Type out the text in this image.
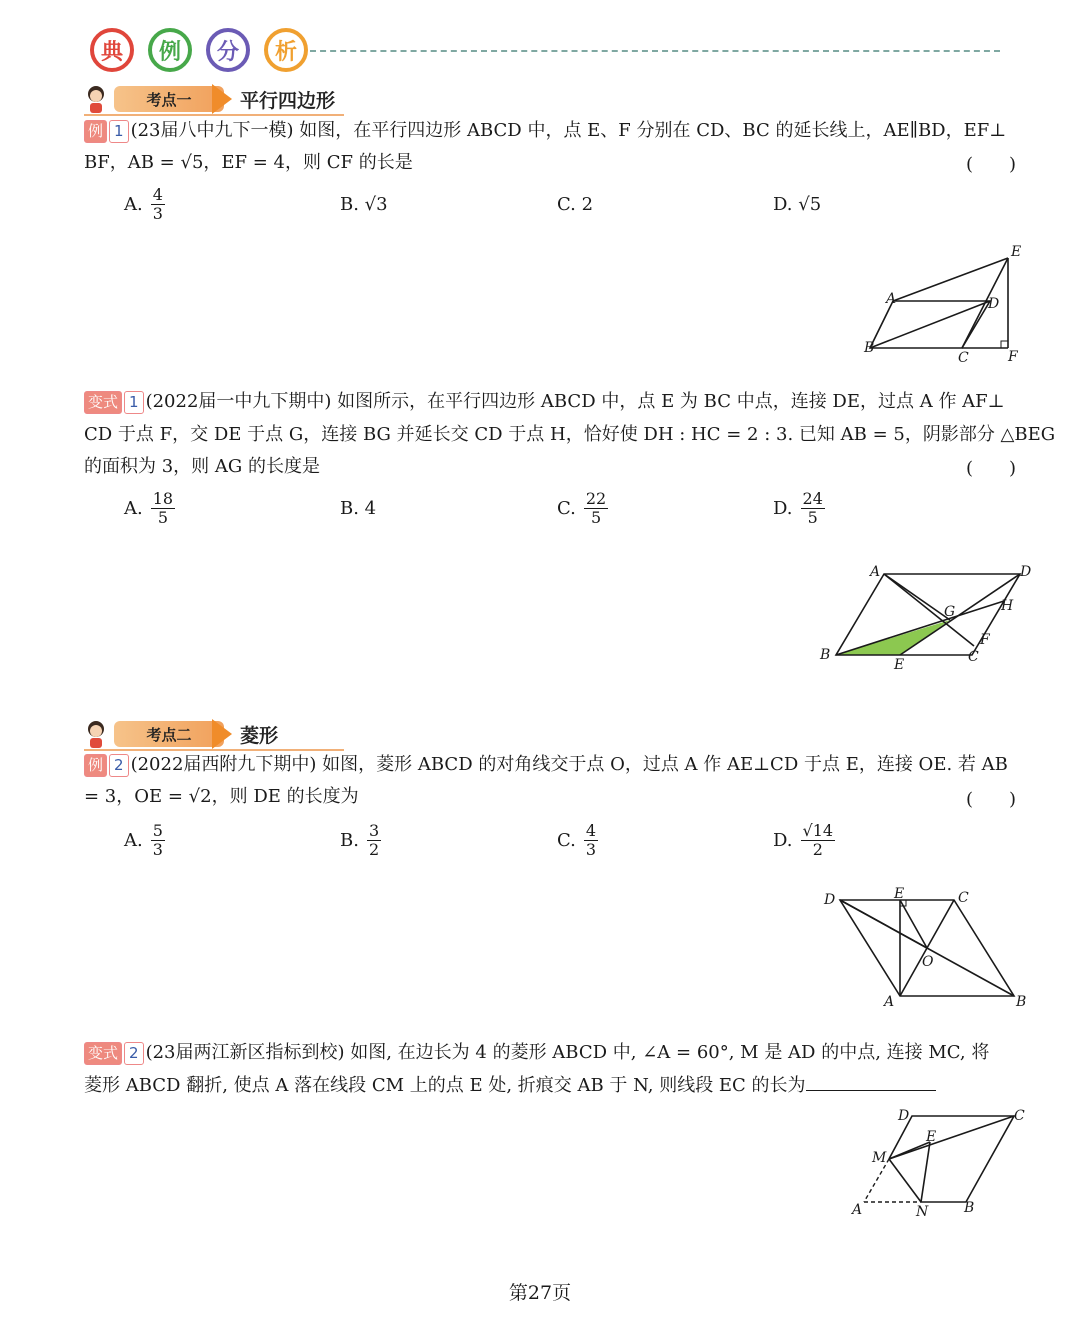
典	例	分	析
考点一	平行四边形
例 1 (23届八中九下一模) 如图，在平行四边形 ABCD 中，点 E、F 分别在 CD、BC 的延长线上，AE∥BD，EF⊥
BF，AB = √5，EF = 4，则 CF 的长是	(　　)
A. $\frac{4}{3}$	B. √3	C. 2	D. √5
E
A	D
B
C	F
变式 1 (2022届一中九下期中) 如图所示，在平行四边形 ABCD 中，点 E 为 BC 中点，连接 DE，过点 A 作 AF⊥
CD 于点 F，交 DE 于点 G，连接 BG 并延长交 CD 于点 H，恰好使 DH : HC = 2 : 3. 已知 AB = 5，阴影部分 △BEG
的面积为 3，则 AG 的长度是	(　　)
A. $\frac{18}{5}$	B. 4	C. $\frac{22}{5}$	D. $\frac{24}{5}$
A	D
G	H
F
B
E	C
考点二	菱形
例 2 (2022届西附九下期中) 如图，菱形 ABCD 的对角线交于点 O，过点 A 作 AE⊥CD 于点 E，连接 OE. 若 AB
= 3，OE = √2，则 DE 的长度为	(　　)
A. $\frac{5}{3}$	B. $\frac{3}{2}$	C. $\frac{4}{3}$	D. $\frac{√14}{2}$
D	E	C
O
A	B
变式 2 (23届两江新区指标到校) 如图, 在边长为 4 的菱形 ABCD 中, ∠A = 60°, M 是 AD 的中点, 连接 MC, 将
菱形 ABCD 翻折, 使点 A 落在线段 CM 上的点 E 处, 折痕交 AB 于 N, 则线段 EC 的长为
D	C
E
M
A	N	B
第27页
